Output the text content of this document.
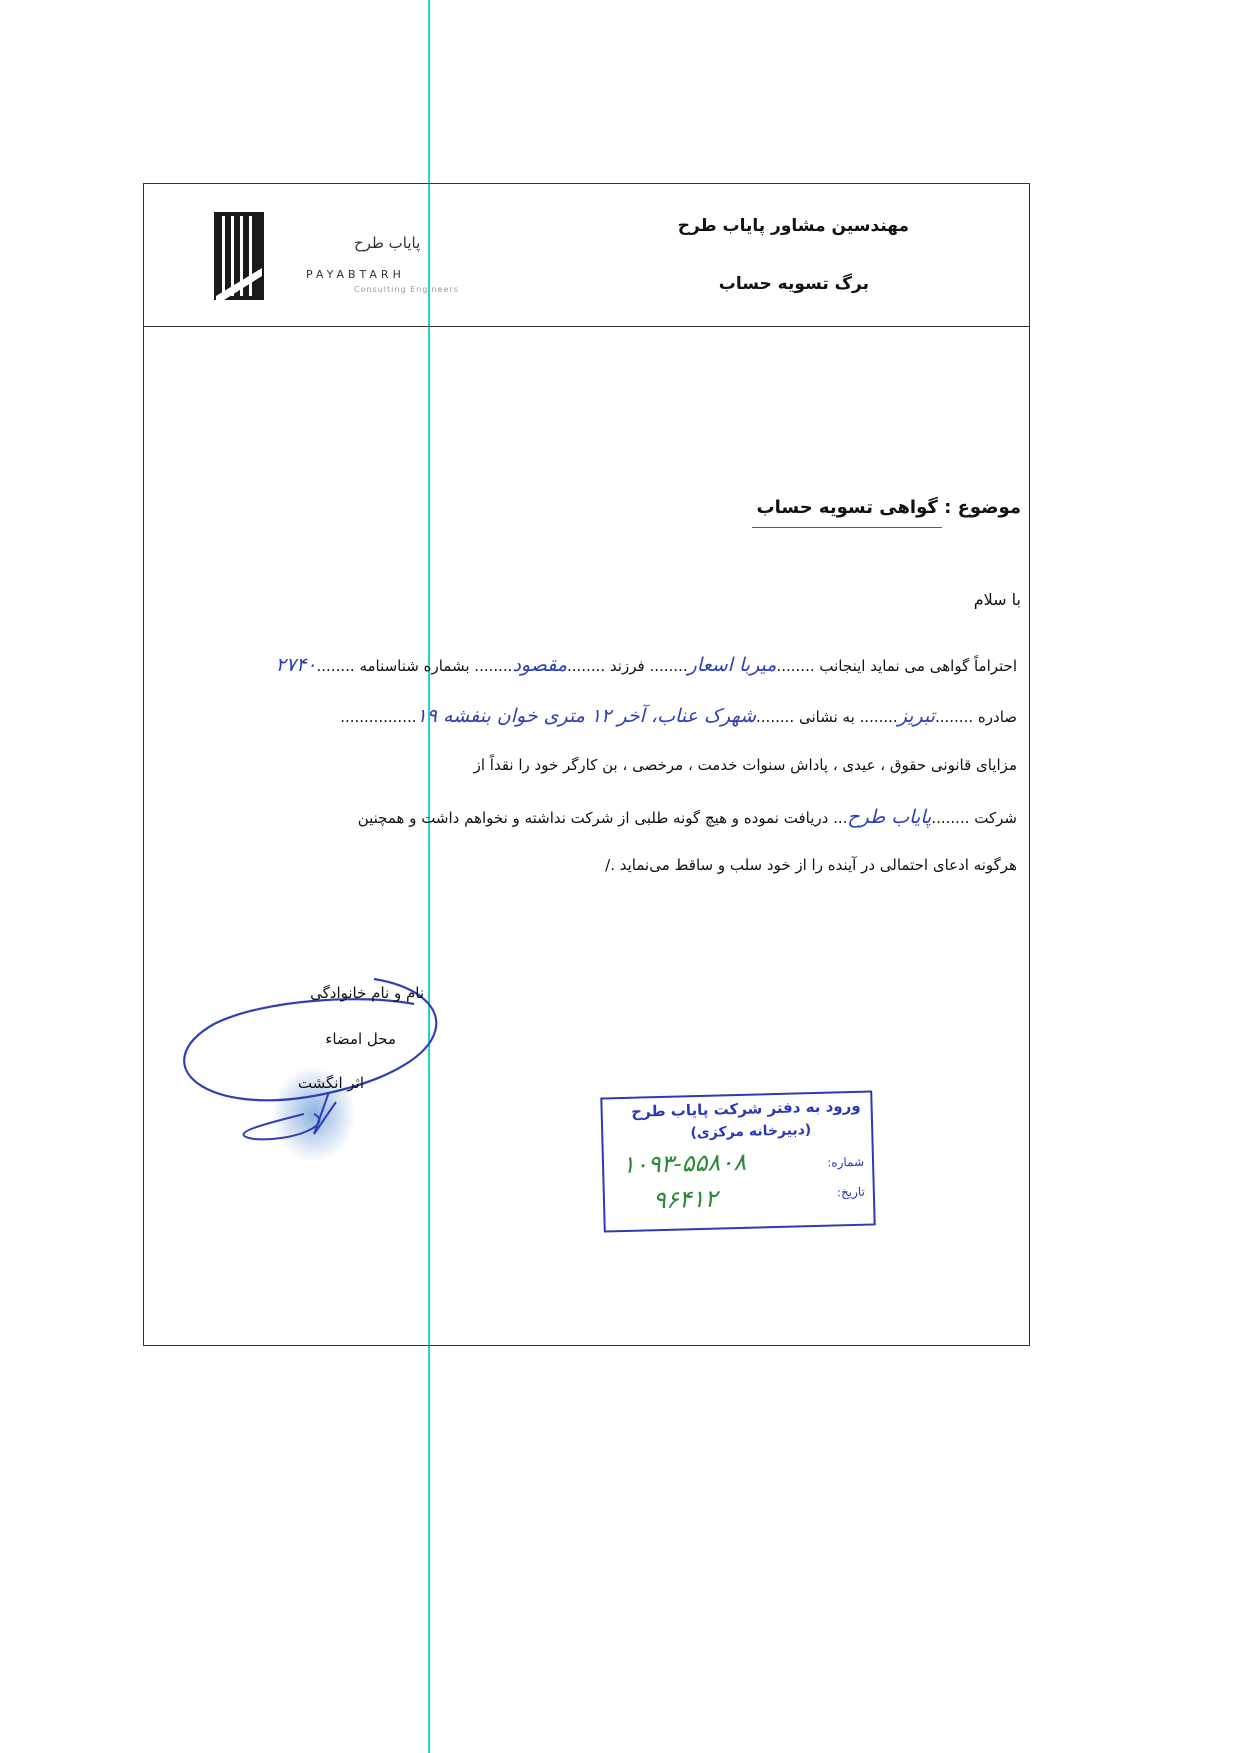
پایاب طرح
PAYABTARH
Consulting Engineers
مهندسین مشاور پایاب طرح
برگ تسویه حساب
موضوع : گواهی تسویه حساب
با سلام
احتراماً گواهی می نماید اینجانب ........میربا اسعار........ فرزند ........مقصود........ بشماره شناسنامه ........۲۷۴۰
صادره ........تبریز........ به نشانی ........شهرک عناب، آخر ۱۲ متری خوان بنفشه ۱۹................
مزایای قانونی حقوق ، عیدی ، پاداش سنوات خدمت ، مرخصی ، بن کارگر خود را نقداً از
شرکت ........پایاب طرح... دریافت نموده و هیچ گونه طلبی از شرکت نداشته و نخواهم داشت و همچنین
هرگونه ادعای احتمالی در آینده را از خود سلب و ساقط می‌نماید ./
نام و نام خانوادگی
محل امضاء
اثر انگشت
ورود به دفتر شرکت پایاب طرح
(دبیرخانه مرکزی)
شماره:
تاریخ:
۱۰۹۳-۵۵۸۰۸
۹۶۴۱۲
